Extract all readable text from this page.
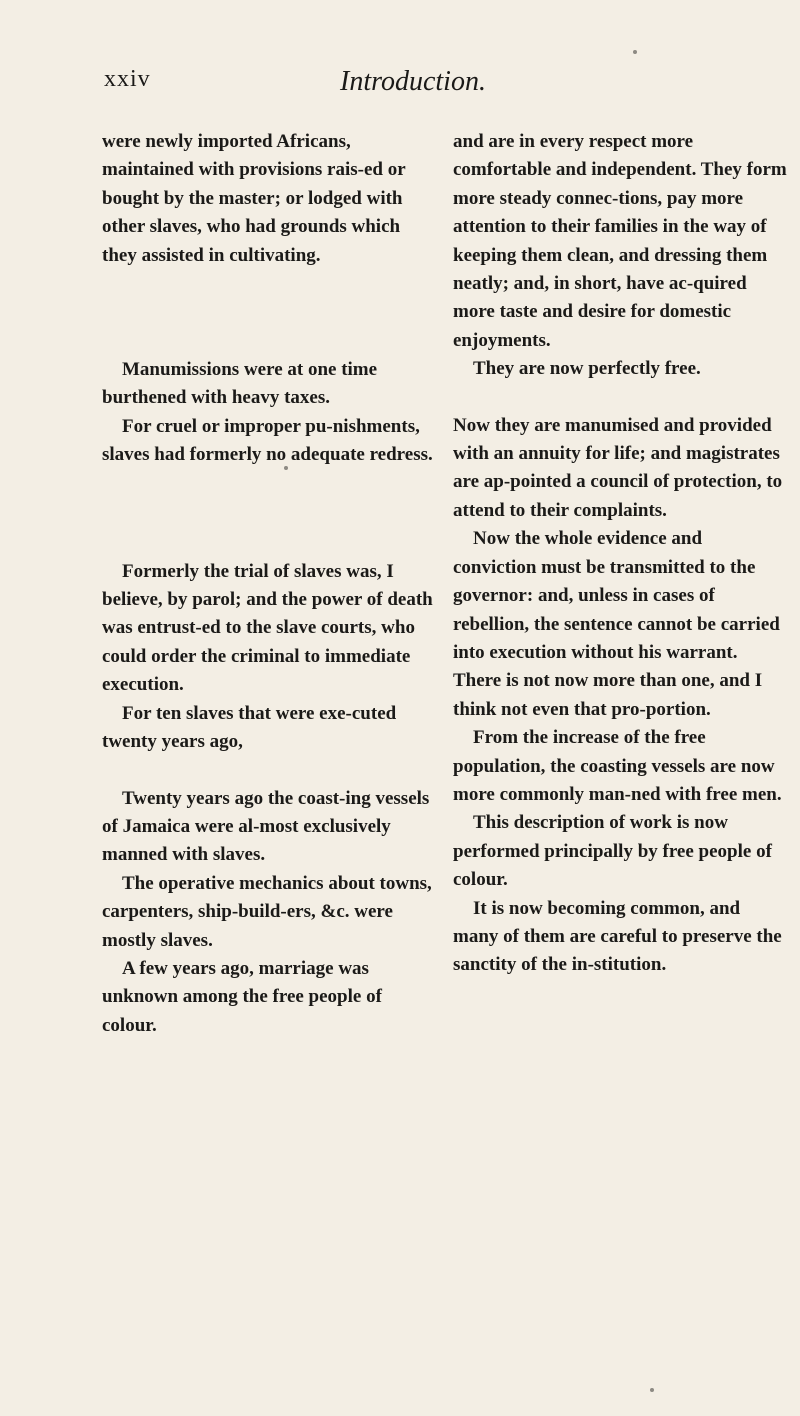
xxiv	Introduction.

were newly imported Africans, maintained with provisions rais-ed or bought by the master; or lodged with other slaves, who had grounds which they assisted in cultivating.

Manumissions were at one time burthened with heavy taxes.

For cruel or improper pu-nishments, slaves had formerly no adequate redress.

Formerly the trial of slaves was, I believe, by parol; and the power of death was entrust-ed to the slave courts, who could order the criminal to immediate execution.

For ten slaves that were exe-cuted twenty years ago,

Twenty years ago the coast-ing vessels of Jamaica were al-most exclusively manned with slaves.

The operative mechanics about towns, carpenters, ship-build-ers, &c. were mostly slaves.

A few years ago, marriage was unknown among the free people of colour.

and are in every respect more comfortable and independent. They form more steady connec-tions, pay more attention to their families in the way of keeping them clean, and dressing them neatly; and, in short, have ac-quired more taste and desire for domestic enjoyments.

They are now perfectly free.

Now they are manumised and provided with an annuity for life; and magistrates are ap-pointed a council of protection, to attend to their complaints.

Now the whole evidence and conviction must be transmitted to the governor: and, unless in cases of rebellion, the sentence cannot be carried into execution without his warrant.

There is not now more than one, and I think not even that pro-portion.

From the increase of the free population, the coasting vessels are now more commonly man-ned with free men.

This description of work is now performed principally by free people of colour.

It is now becoming common, and many of them are careful to preserve the sanctity of the in-stitution.
